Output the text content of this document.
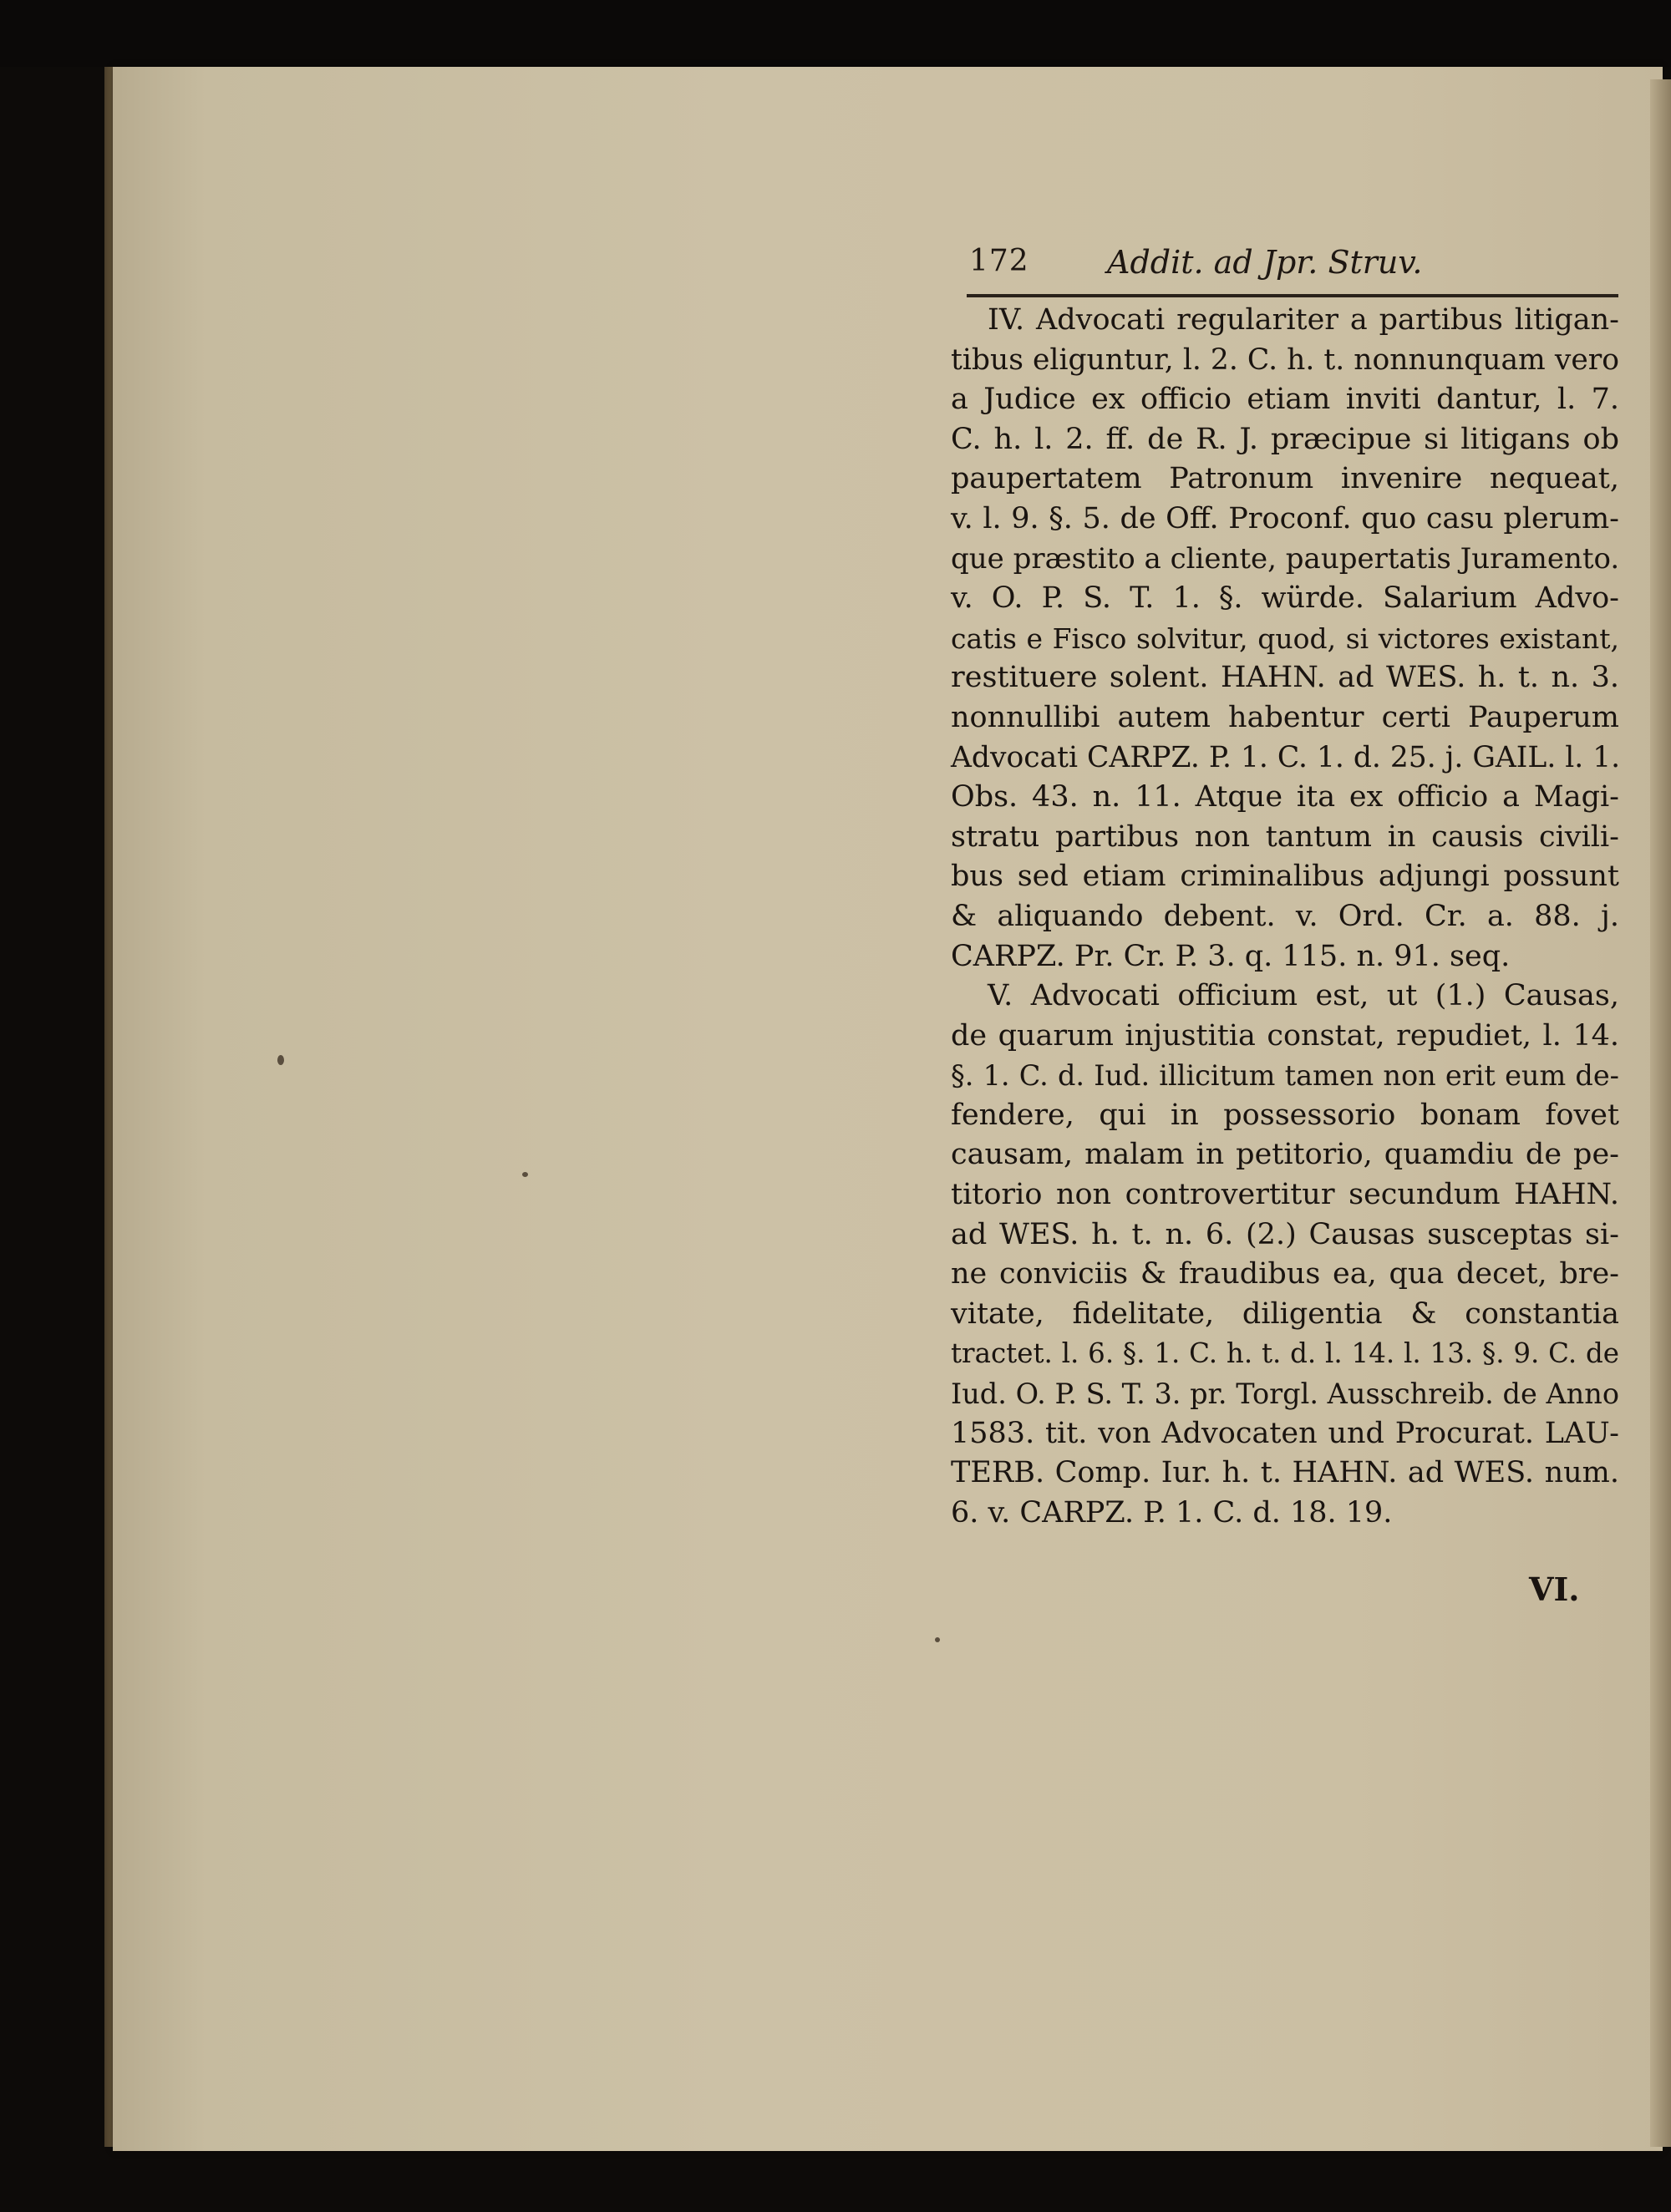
172 Addit. ad Jpr. Struv.
IV. Advocati regulariter a partibus litigan-
tibus eliguntur, l. 2. C. h. t. nonnunquam vero
a Judice ex officio etiam inviti dantur, l. 7.
C. h. l. 2. ff. de R. J. præcipue si litigans ob
paupertatem Patronum invenire nequeat,
v. l. 9. §. 5. de Off. Proconf. quo casu plerum-
que præstito a cliente, paupertatis Juramento.
v. O. P. S. T. 1. §. würde. Salarium Advo-
catis e Fisco solvitur, quod, si victores existant,
restituere solent. HAHN. ad WES. h. t. n. 3.
nonnullibi autem habentur certi Pauperum
Advocati CARPZ. P. 1. C. 1. d. 25. j. GAIL. l. 1.
Obs. 43. n. 11. Atque ita ex officio a Magi-
stratu partibus non tantum in causis civili-
bus sed etiam criminalibus adjungi possunt
& aliquando debent. v. Ord. Cr. a. 88. j.
CARPZ. Pr. Cr. P. 3. q. 115. n. 91. seq.
V. Advocati officium est, ut (1.) Causas,
de quarum injustitia constat, repudiet, l. 14.
§. 1. C. d. Iud. illicitum tamen non erit eum de-
fendere, qui in possessorio bonam fovet
causam, malam in petitorio, quamdiu de pe-
titorio non controvertitur secundum HAHN.
ad WES. h. t. n. 6. (2.) Causas susceptas si-
ne conviciis & fraudibus ea, qua decet, bre-
vitate, fidelitate, diligentia & constantia
tractet. l. 6. §. 1. C. h. t. d. l. 14. l. 13. §. 9. C. de
Iud. O. P. S. T. 3. pr. Torgl. Ausschreib. de Anno
1583. tit. von Advocaten und Procurat. LAU-
TERB. Comp. Iur. h. t. HAHN. ad WES. num.
6. v. CARPZ. P. 1. C. d. 18. 19.
VI.
